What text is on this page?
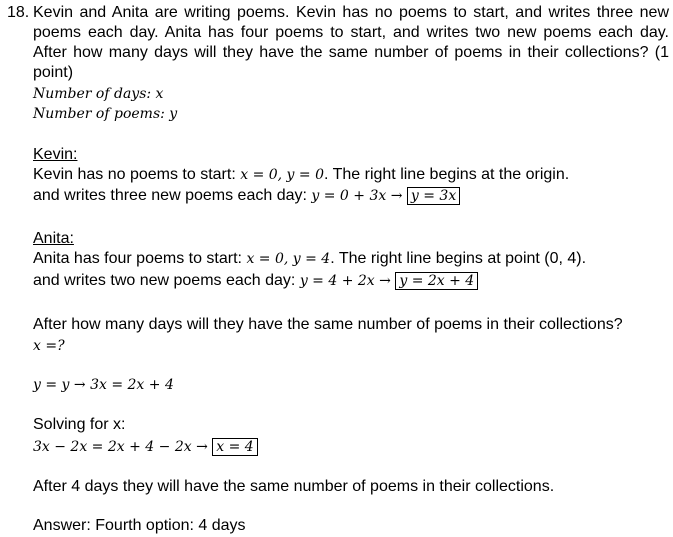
18. Kevin and Anita are writing poems. Kevin has no poems to start, and writes three new poems each day. Anita has four poems to start, and writes two new poems each day. After how many days will they have the same number of poems in their collections? (1 point)
Number of days: x
Number of poems: y
Kevin:
Kevin has no poems to start: x = 0, y = 0. The right line begins at the origin.
and writes three new poems each day: y = 0 + 3x → y = 3x
Anita:
Anita has four poems to start: x = 0, y = 4. The right line begins at point (0, 4).
and writes two new poems each day: y = 4 + 2x → y = 2x + 4
After how many days will they have the same number of poems in their collections?
x =?
y = y → 3x = 2x + 4
Solving for x:
3x − 2x = 2x + 4 − 2x → x = 4
After 4 days they will have the same number of poems in their collections.
Answer: Fourth option: 4 days
